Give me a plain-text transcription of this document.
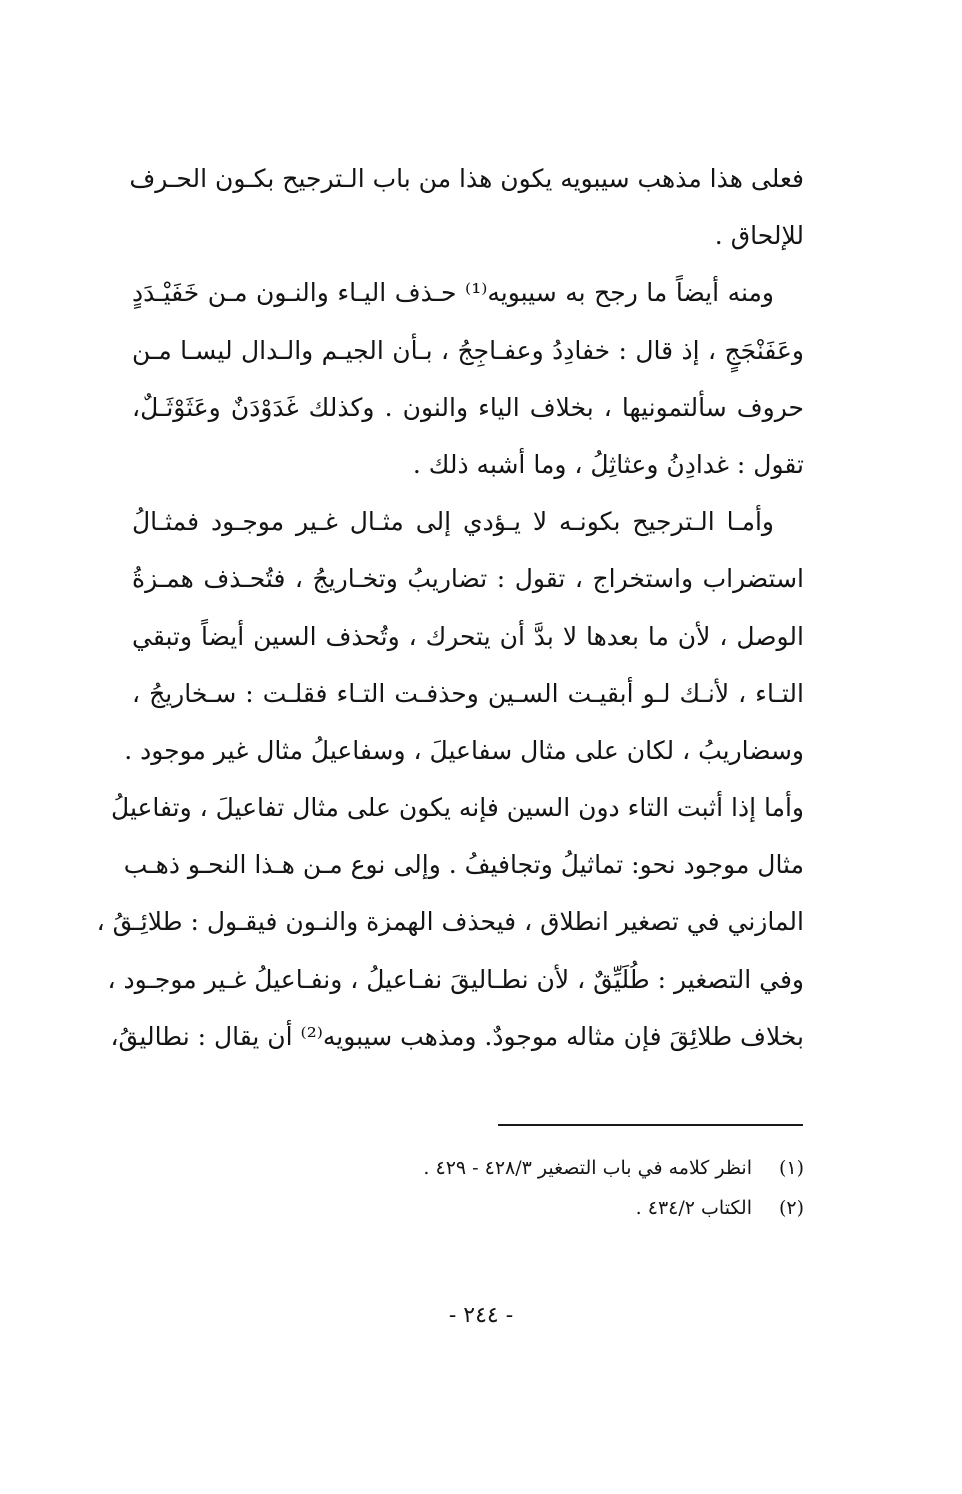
فعلى هذا مذهب سيبويه يكون هذا من باب الـترجيح بكـون الحـرف
للإلحاق .
ومنه أيضاً ما رجح به سيبويه⁽¹⁾ حـذف اليـاء والنـون مـن خَفَيْـدَدٍ
وعَفَنْجَجٍ ، إذ قال : خفادِدُ وعفـاجِجُ ، بـأن الجيـم والـدال ليسـا مـن
حروف سألتمونيها ، بخلاف الياء والنون . وكذلك غَدَوْدَنٌ وعَثَوْثَـلٌ،
تقول : غدادِنُ وعثاثِلُ ، وما أشبه ذلك .
وأمـا الـترجيح بكونـه لا يـؤدي إلى مثـال غـير موجـود فمثـالُ
استضراب واستخراج ، تقول : تضاريبُ وتخـاريجُ ، فتُحـذف همـزةُ
الوصل ، لأن ما بعدها لا بدَّ أن يتحرك ، وتُحذف السين أيضاً وتبقي
التـاء ، لأنـك لـو أبقيـت السـين وحذفـت التـاء فقلـت : سـخاريجُ ،
وسضاريبُ ، لكان على مثال سفاعيلَ ، وسفاعيلُ مثال غير موجود .
وأما إذا أثبت التاء دون السين فإنه يكون على مثال تفاعيلَ ، وتفاعيلُ
مثال موجود نحو: تماثيلُ وتجافيفُ . وإلى نوع مـن هـذا النحـو ذهـب
المازني في تصغير انطلاق ، فيحذف الهمزة والنـون فيقـول : طلائِـقُ ،
وفي التصغير : طُلَيِّقٌ ، لأن نطـاليقَ نفـاعيلُ ، ونفـاعيلُ غـير موجـود ،
بخلاف طلائِقَ فإن مثاله موجودٌ. ومذهب سيبويه⁽²⁾ أن يقال : نطاليقُ،
(١)
انظر كلامه في باب التصغير ٤٢٨/٣ - ٤٢٩ .
(٢)
الكتاب ٤٣٤/٢ .
- ٢٤٤ -
